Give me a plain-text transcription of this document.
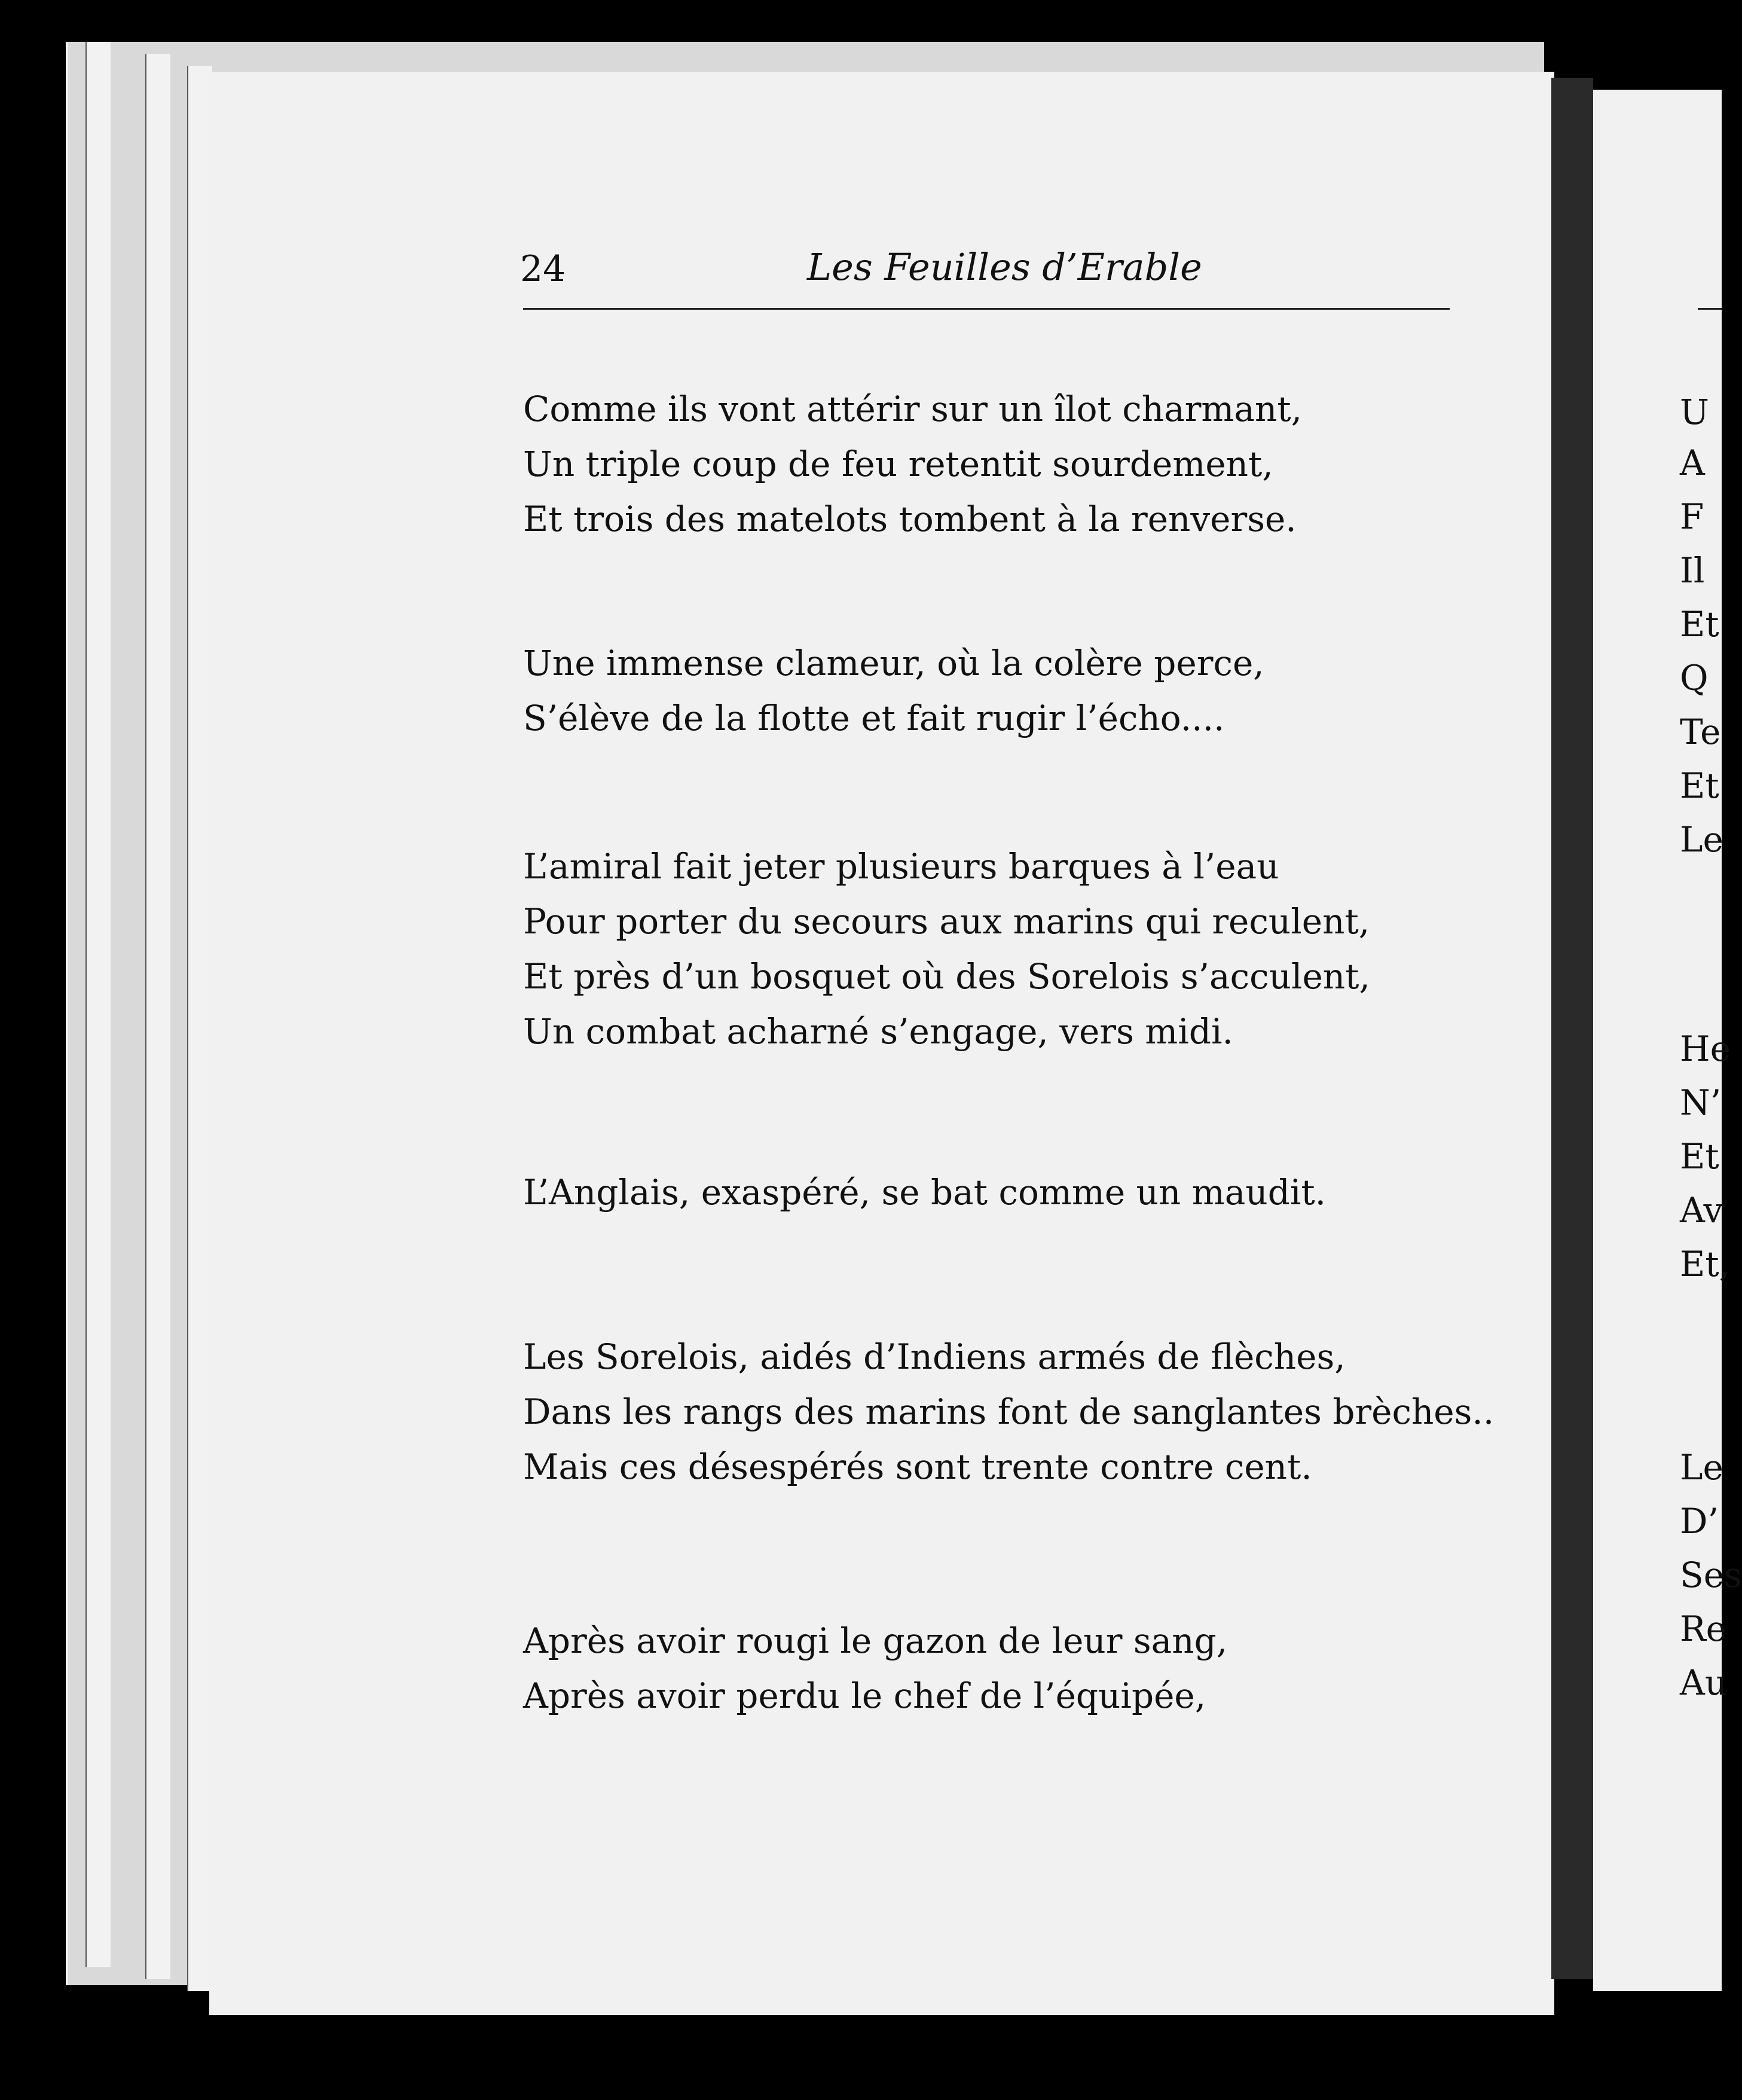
24	Les Feuilles d’Erable
Comme ils vont attérir sur un îlot charmant,
Un triple coup de feu retentit sourdement,
Et trois des matelots tombent à la renverse.
Une immense clameur, où la colère perce,
S’élève de la flotte et fait rugir l’écho....
L’amiral fait jeter plusieurs barques à l’eau
Pour porter du secours aux marins qui reculent,
Et près d’un bosquet où des Sorelois s’acculent,
Un combat acharné s’engage, vers midi.
L’Anglais, exaspéré, se bat comme un maudit.
Les Sorelois, aidés d’Indiens armés de flèches,
Dans les rangs des marins font de sanglantes brèches..
Mais ces désespérés sont trente contre cent.
Après avoir rougi le gazon de leur sang,
Après avoir perdu le chef de l’équipée,
U
A
F
Il
Et
Q
Te
Et
Le
He
N’
Et
Av
Et,
Le
D’
Ses
Re
Au
